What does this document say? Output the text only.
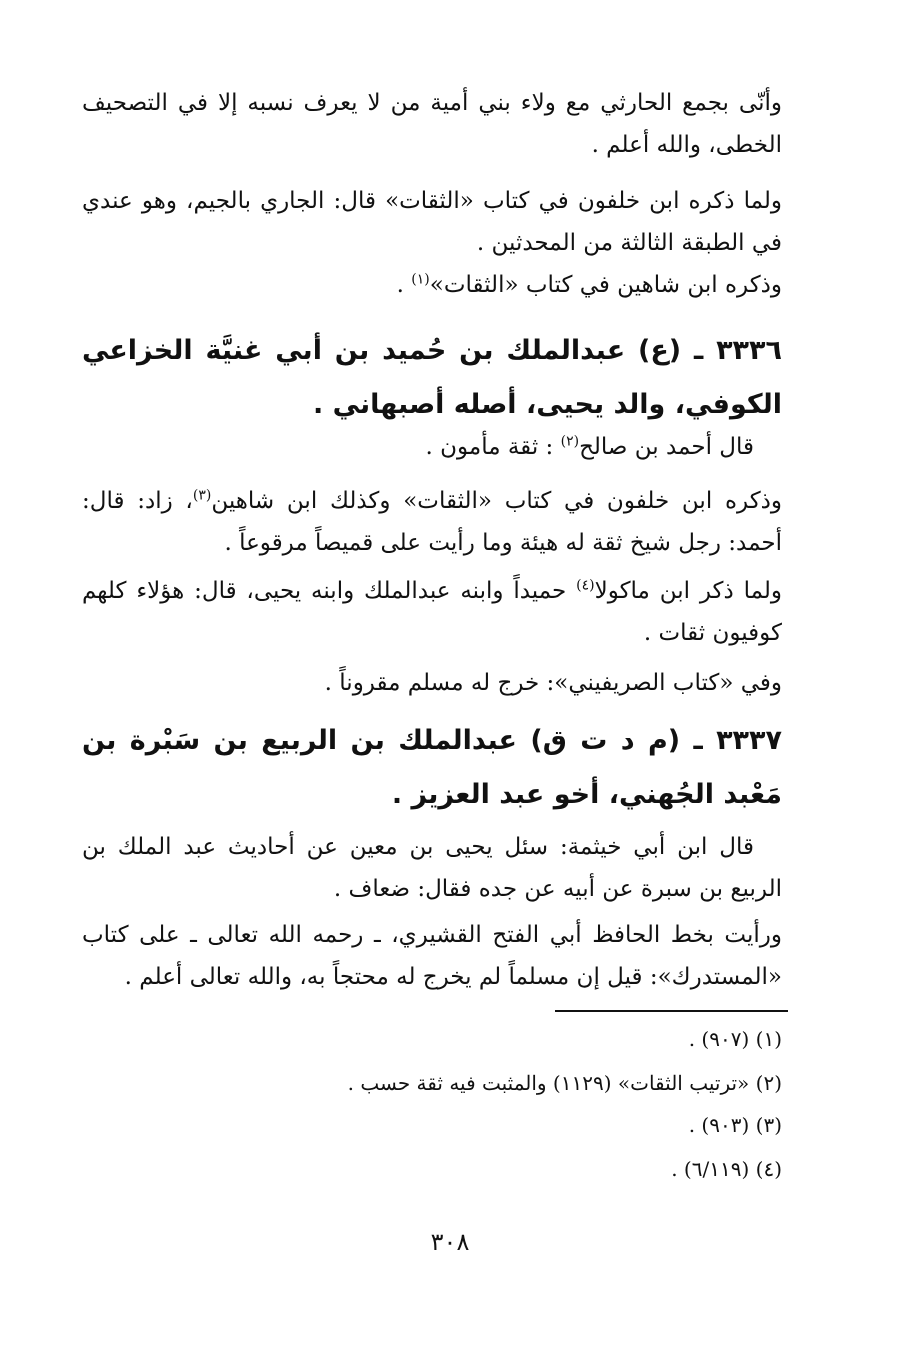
وأنّى بجمع الحارثي مع ولاء بني أمية من لا يعرف نسبه إلا في التصحيف الخطى، والله أعلم .

ولما ذكره ابن خلفون في كتاب «الثقات» قال: الجاري بالجيم، وهو عندي في الطبقة الثالثة من المحدثين .

وذكره ابن شاهين في كتاب «الثقات»$^{(١)}$ .

٣٣٣٦ ـ (ع) عبدالملك بن حُميد بن أبي غنيَّة الخزاعي الكوفي، والد يحيى، أصله أصبهاني .

قال أحمد بن صالح$^{(٢)}$ : ثقة مأمون .

وذكره ابن خلفون في كتاب «الثقات» وكذلك ابن شاهين$^{(٣)}$، زاد: قال: أحمد: رجل شيخ ثقة له هيئة وما رأيت على قميصاً مرقوعاً .

ولما ذكر ابن ماكولا$^{(٤)}$ حميداً وابنه عبدالملك وابنه يحيى، قال: هؤلاء كلهم كوفيون ثقات .

وفي «كتاب الصريفيني»: خرج له مسلم مقروناً .

٣٣٣٧ ـ (م د ت ق) عبدالملك بن الربيع بن سَبْرة بن مَعْبد الجُهني، أخو عبد العزيز .

قال ابن أبي خيثمة: سئل يحيى بن معين عن أحاديث عبد الملك بن الربيع بن سبرة عن أبيه عن جده فقال: ضعاف .

ورأيت بخط الحافظ أبي الفتح القشيري، ـ رحمه الله تعالى ـ على كتاب «المستدرك»: قيل إن مسلماً لم يخرج له محتجاً به، والله تعالى أعلم .

(١) (٩٠٧) .

(٢) «ترتيب الثقات» (١١٢٩) والمثبت فيه ثقة حسب .

(٣) (٩٠٣) .

(٤) (٦/١١٩) .

٣٠٨
